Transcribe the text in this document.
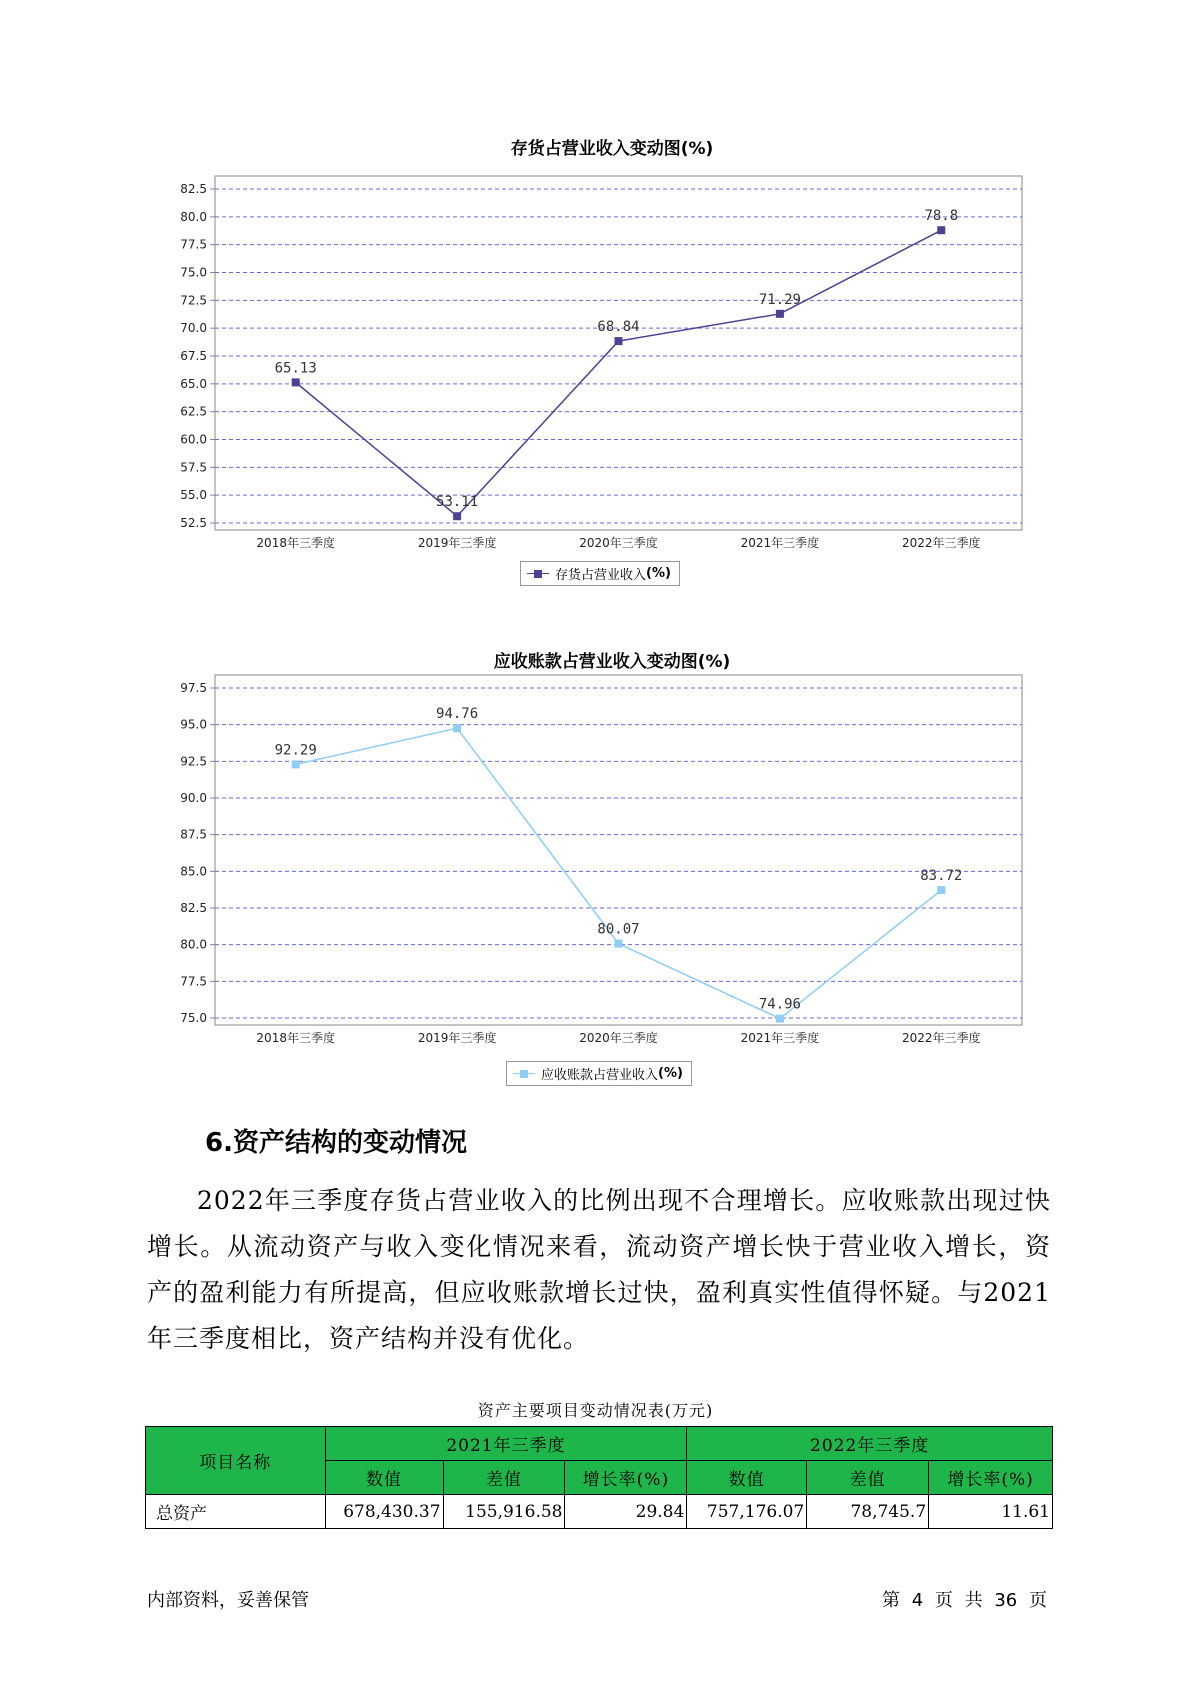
存货占营业收入变动图(%)
52.5
55.0
57.5
60.0
62.5
65.0
67.5
70.0
72.5
75.0
77.5
80.0
82.5
2018年三季度	2019年三季度	2020年三季度	2021年三季度	2022年三季度
65.13
53.11
68.84
71.29
78.8
存货占营业收入 (%)
应收账款占营业收入变动图(%)
75.0
77.5
80.0
82.5
85.0
87.5
90.0
92.5
95.0
97.5
2018年三季度	2019年三季度	2020年三季度	2021年三季度	2022年三季度
92.29
94.76
80.07
74.96
83.72
应收账款占营业收入 (%)
6.资产结构的变动情况
2022年三季度存货占营业收入的比例出现不合理增长。应收账款出现过快增长。从流动资产与收入变化情况来看，流动资产增长快于营业收入增长，资产的盈利能力有所提高，但应收账款增长过快，盈利真实性值得怀疑。与2021年三季度相比，资产结构并没有优化。
资产主要项目变动情况表(万元)
项目名称	2021年三季度			2022年三季度		
	数值	差值	增长率(%)	数值	差值	增长率(%)
总资产	678,430.37	155,916.58	29.84	757,176.07	78,745.7	11.61
内部资料，妥善保管	第 4 页 共 36 页
